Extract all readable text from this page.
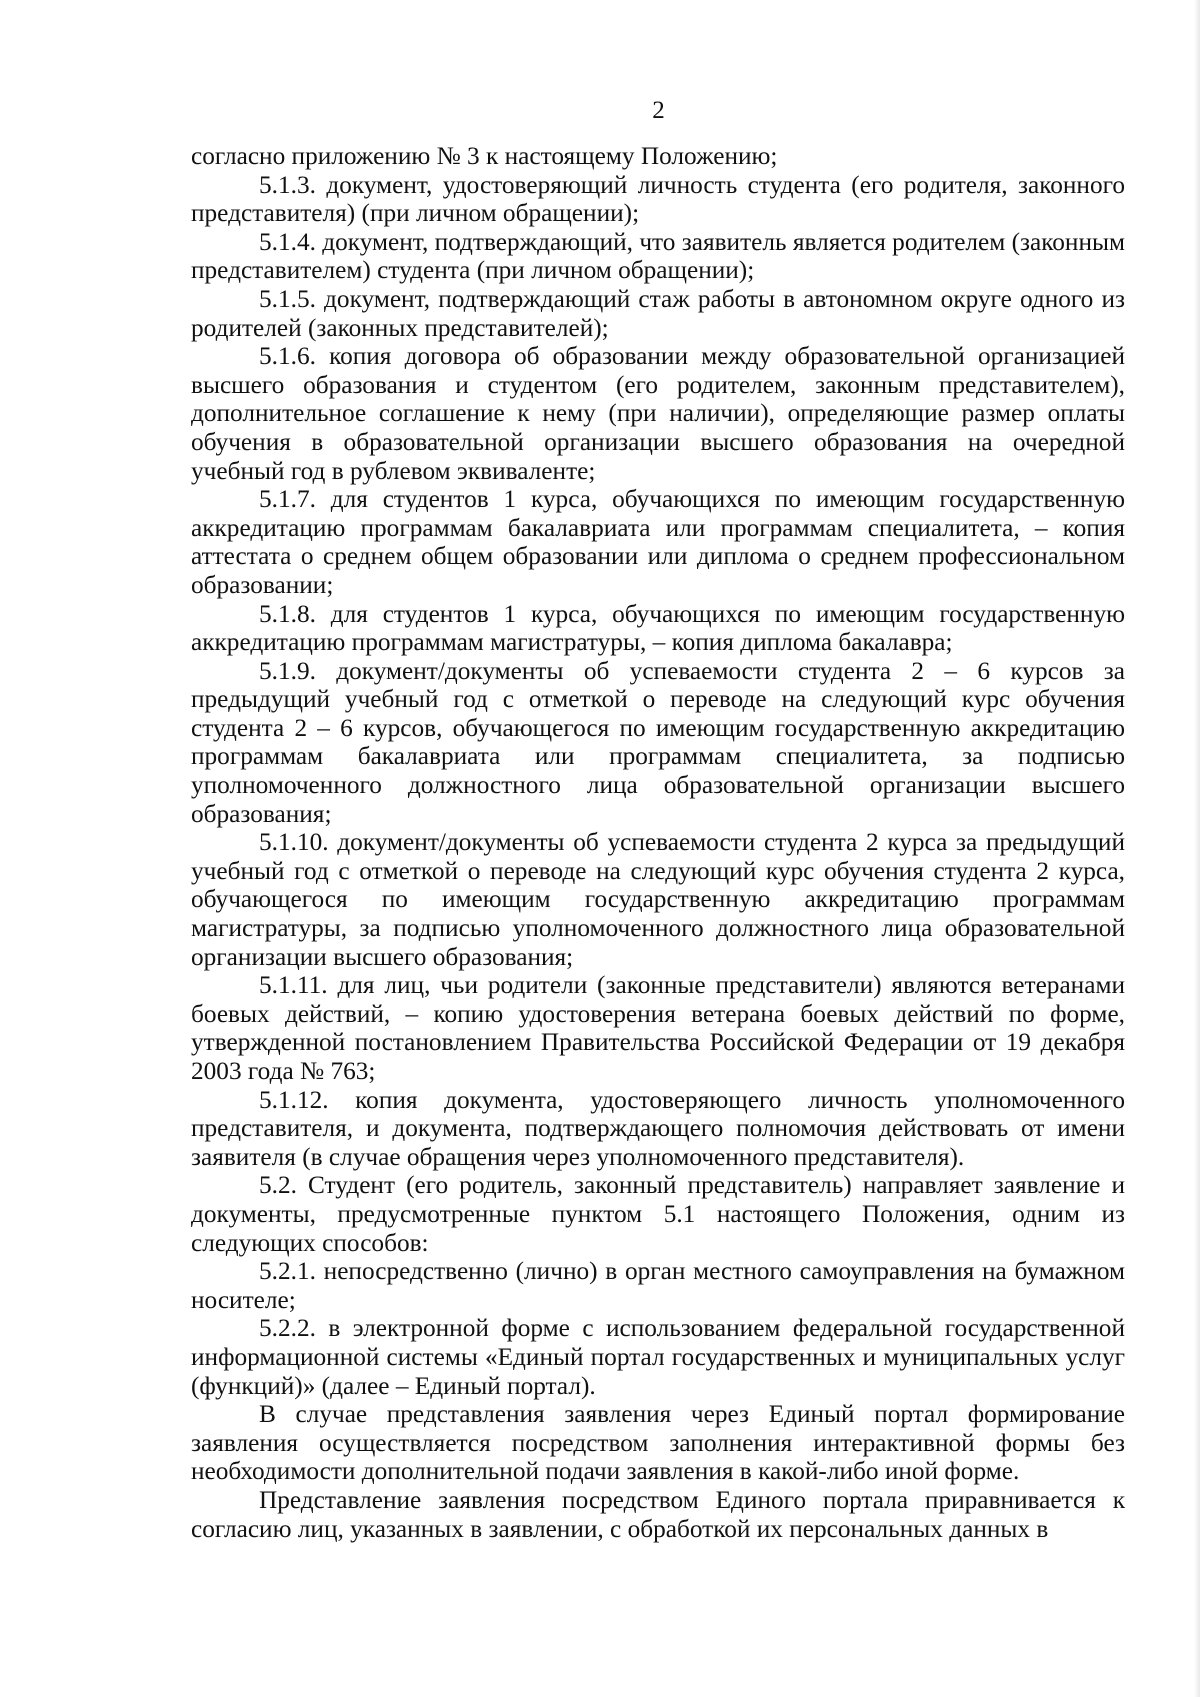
2

согласно приложению № 3 к настоящему Положению;

5.1.3. документ, удостоверяющий личность студента (его родителя, законного представителя) (при личном обращении);

5.1.4. документ, подтверждающий, что заявитель является родителем (законным представителем) студента (при личном обращении);

5.1.5. документ, подтверждающий стаж работы в автономном округе одного из родителей (законных представителей);

5.1.6. копия договора об образовании между образовательной организацией высшего образования и студентом (его родителем, законным представителем), дополнительное соглашение к нему (при наличии), определяющие размер оплаты обучения в образовательной организации высшего образования на очередной учебный год в рублевом эквиваленте;

5.1.7. для студентов 1 курса, обучающихся по имеющим государственную аккредитацию программам бакалавриата или программам специалитета, – копия аттестата о среднем общем образовании или диплома о среднем профессиональном образовании;

5.1.8. для студентов 1 курса, обучающихся по имеющим государственную аккредитацию программам магистратуры, – копия диплома бакалавра;

5.1.9. документ/документы об успеваемости студента 2 – 6 курсов за предыдущий учебный год с отметкой о переводе на следующий курс обучения студента 2 – 6 курсов, обучающегося по имеющим государственную аккредитацию программам бакалавриата или программам специалитета, за подписью уполномоченного должностного лица образовательной организации высшего образования;

5.1.10. документ/документы об успеваемости студента 2 курса за предыдущий учебный год с отметкой о переводе на следующий курс обучения студента 2 курса, обучающегося по имеющим государственную аккредитацию программам магистратуры, за подписью уполномоченного должностного лица образовательной организации высшего образования;

5.1.11. для лиц, чьи родители (законные представители) являются ветеранами боевых действий, – копию удостоверения ветерана боевых действий по форме, утвержденной постановлением Правительства Российской Федерации от 19 декабря 2003 года № 763;

5.1.12. копия документа, удостоверяющего личность уполномоченного представителя, и документа, подтверждающего полномочия действовать от имени заявителя (в случае обращения через уполномоченного представителя).

5.2. Студент (его родитель, законный представитель) направляет заявление и документы, предусмотренные пунктом 5.1 настоящего Положения, одним из следующих способов:

5.2.1. непосредственно (лично) в орган местного самоуправления на бумажном носителе;

5.2.2. в электронной форме с использованием федеральной государственной информационной системы «Единый портал государственных и муниципальных услуг (функций)» (далее – Единый портал).

В случае представления заявления через Единый портал формирование заявления осуществляется посредством заполнения интерактивной формы без необходимости дополнительной подачи заявления в какой-либо иной форме.

Представление заявления посредством Единого портала приравнивается к согласию лиц, указанных в заявлении, с обработкой их персональных данных в
